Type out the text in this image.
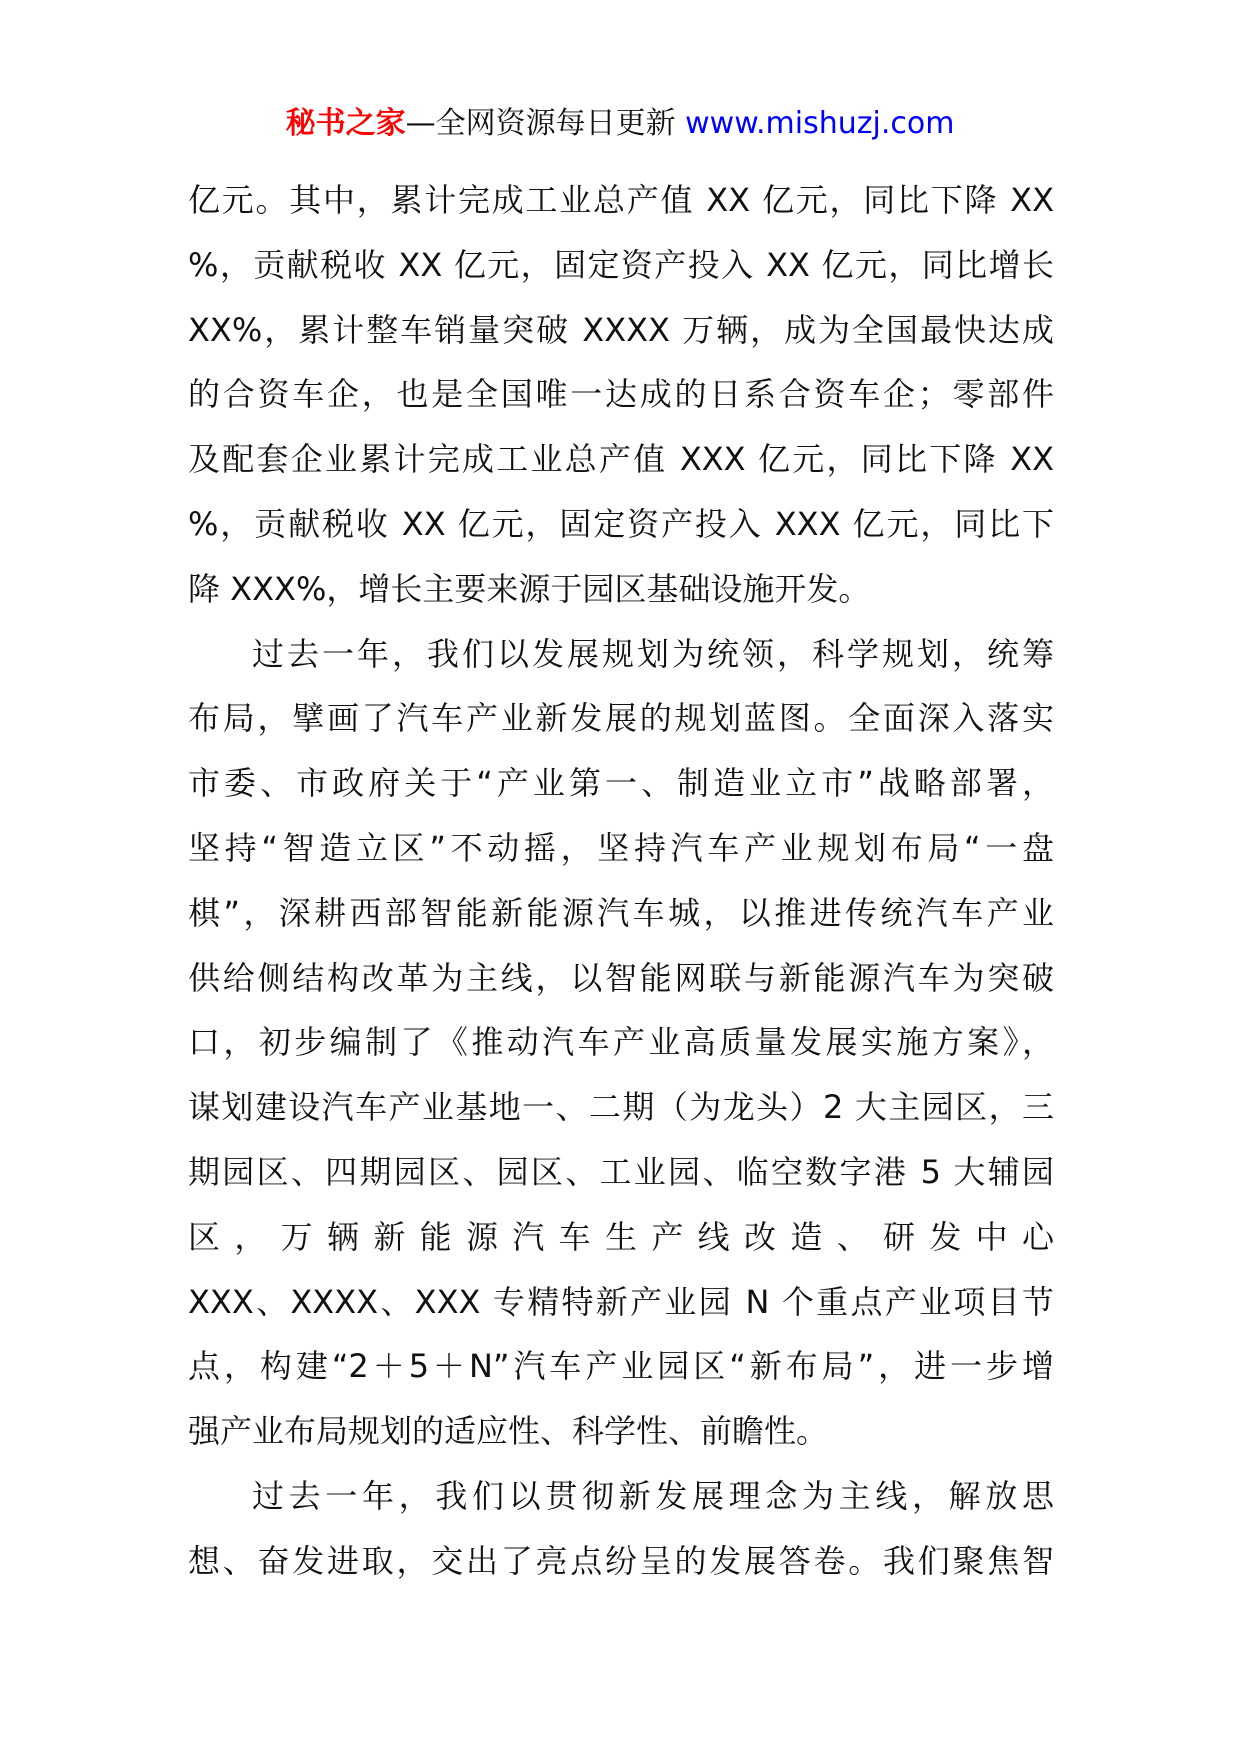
秘书之家—全网资源每日更新 www.mishuzj.com
亿元。其中，累计完成工业总产值 XX 亿元，同比下降 XX
%，贡献税收 XX 亿元，固定资产投入 XX 亿元，同比增长
XX%，累计整车销量突破 XXXX 万辆，成为全国最快达成
的合资车企，也是全国唯一达成的日系合资车企；零部件
及配套企业累计完成工业总产值 XXX 亿元，同比下降 XX
%，贡献税收 XX 亿元，固定资产投入 XXX 亿元，同比下
降 XXX%，增长主要来源于园区基础设施开发。
过去一年，我们以发展规划为统领，科学规划，统筹
布局，擘画了汽车产业新发展的规划蓝图。全面深入落实
市委、市政府关于“产业第一、制造业立市”战略部署，
坚持“智造立区”不动摇，坚持汽车产业规划布局“一盘
棋”，深耕西部智能新能源汽车城，以推进传统汽车产业
供给侧结构改革为主线，以智能网联与新能源汽车为突破
口，初步编制了《推动汽车产业高质量发展实施方案》，
谋划建设汽车产业基地一、二期（为龙头）2 大主园区，三
期园区、四期园区、园区、工业园、临空数字港 5 大辅园
区，万辆新能源汽车生产线改造、研发中心
XXX、XXXX、XXX 专精特新产业园 N 个重点产业项目节
点，构建“2＋5＋N”汽车产业园区“新布局”，进一步增
强产业布局规划的适应性、科学性、前瞻性。
过去一年，我们以贯彻新发展理念为主线，解放思
想、奋发进取，交出了亮点纷呈的发展答卷。我们聚焦智
